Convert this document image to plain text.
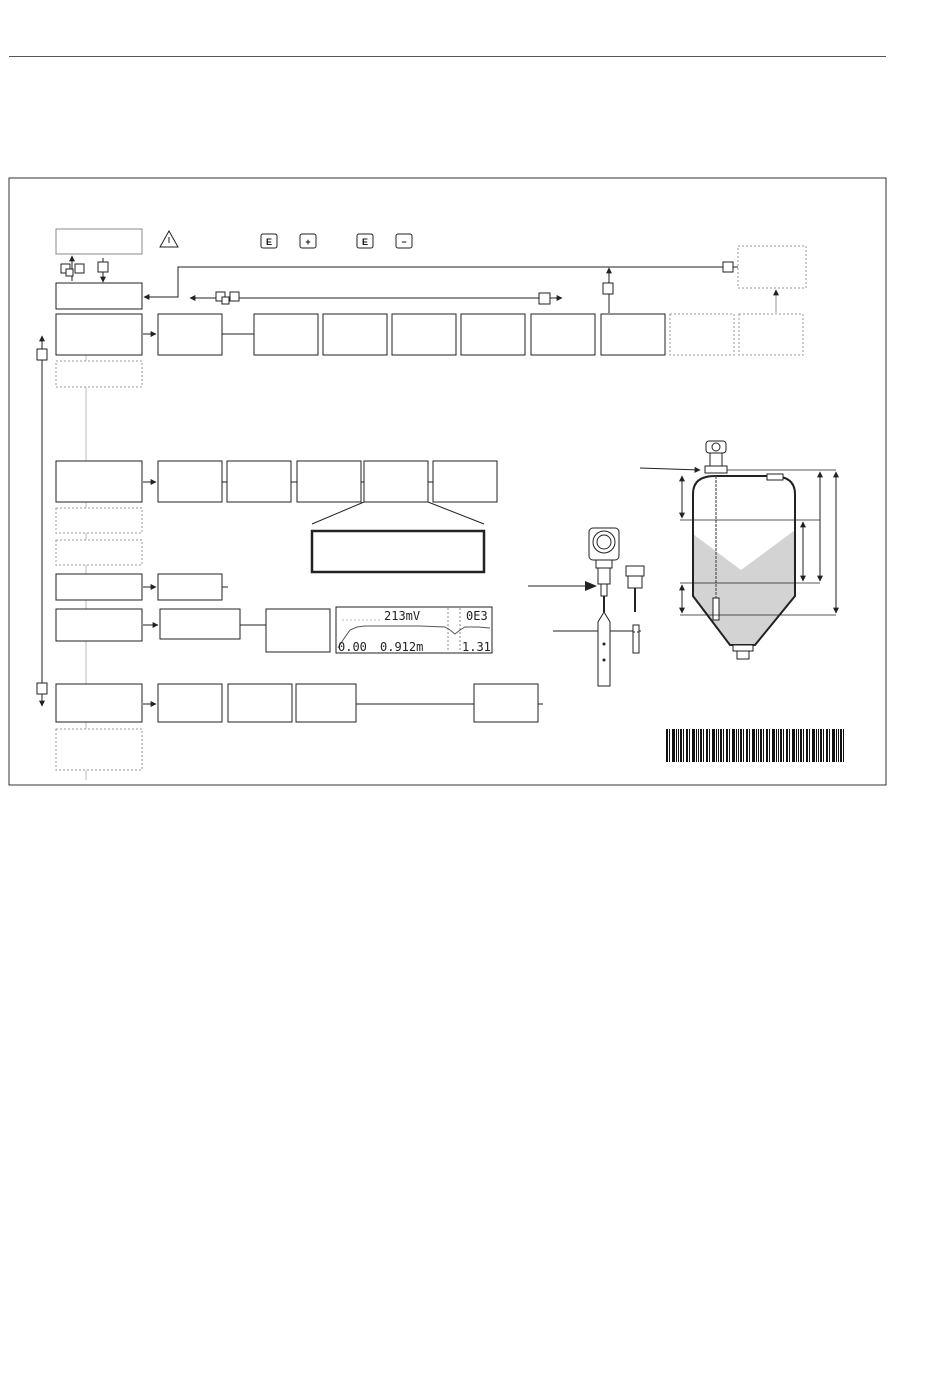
E	+	E	−
213mV	0E3
0.00 0.912m	1.31
